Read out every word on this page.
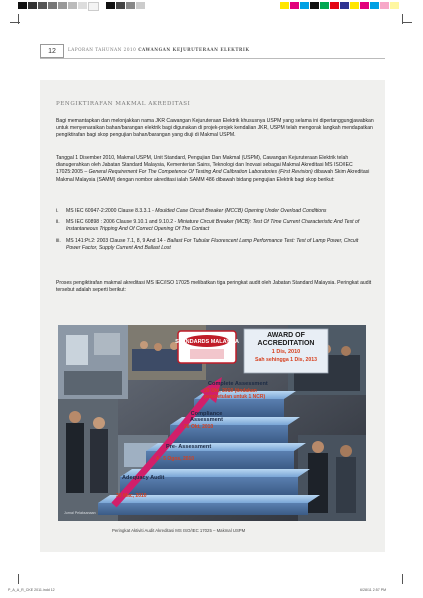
12	LAPORAN TAHUNAN 2010 CAWANGAN KEJURUTERAAN ELEKTRIK
PENGIKTIRAFAN MAKMAL AKREDITASI
Bagi memantapkan dan melonjakkan nama JKR Cawangan Kejuruteraan Elektrik khususnya USPM yang selama ini dipertanggungjawabkan untuk menyenaraikan bahan/barangan elektrik bagi digunakan di projek-projek kendalian JKR, USPM telah mengorak langkah mendapatkan pengiktirafan bagi skop pengujian bahan/barangan yang diuji di Makmal USPM.
Tanggal 1 Disember 2010, Makmal USPM, Unit Standard, Pengujian Dan Makmal (USPM), Cawangan Kejuruteraan Elektrik telah dianugerahkan oleh Jabatan Standard Malaysia, Kementerian Sains, Teknologi dan Inovasi sebagai Makmal Akreditasi MS ISO/IEC 17025:2005 – General Requirement For The Competence Of Testing And Calibration Laboratories (First Revision) dibawah Skim Akreditasi Makmal Malaysia (SAMM) dengan nombor akreditasi ialah SAMM 486 dibawah bidang pengujian Elektrik bagi skop berikut:
i.	MS IEC 60947-2:2000 Clause 8.3.3.1 - Moulded Case Circuit Breaker (MCCB) Opening Under Overload Conditions
ii.	MS IEC 60898 : 2006 Clause 9.10.1 and 9.10.2 - Miniature Circuit Breaker (MCB): Test Of Time Current Characteristic And Test of Instantaneous Tripping And Of Correct Opening Of The Contact
iii.	MS 141:Pt.2: 2003 Clause 7.1, 8, 9 And 14 - Ballast For Tubular Fluorescent Lamp Performance Test: Test of Lamp Power, Circuit Power Factor, Supply Current And Ballast Lost
Proses pengiktirafan makmal akreditasi MS IEC/ISO 17025 melibatkan tiga peringkat audit oleh Jabatan Standard Malaysia. Peringkat audit tersebut adalah seperti berikut:
STANDARDS MALAYSIA
AWARD OF
ACCREDITATION
1 Dis, 2010
Sah sehingga 1 Dis, 2013
Complete Assessment
29 Okt, 2010 (tindakan
pembetulan untuk 1 NCR)
Compliance
Assessment
26 Okt, 2010
Pre- Assessment
4 - 5 Ogos, 2010
Adequacy Audit
30 Mac, 2010
Jurnal Pelaksanaan
Peringkat Aktiviti Audit Akreditasi MS ISO/IEC 17025 – Makmal USPM
P_A_A_R_CKE 2011.indd 12	6/28/11 2:57 PM
